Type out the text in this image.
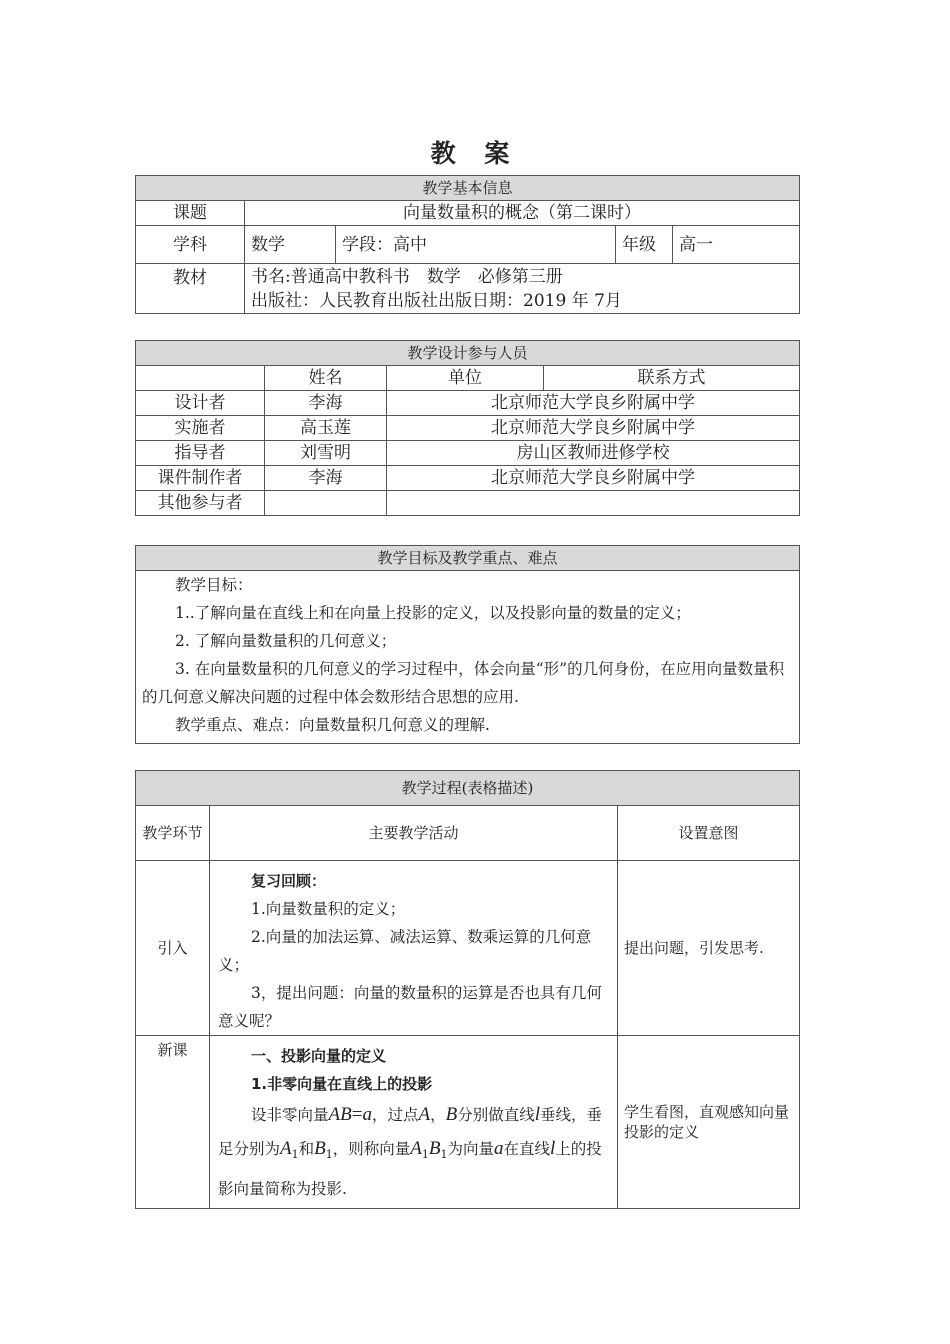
教 案
教学基本信息				
课题	向量数量积的概念（第二课时）			
学科	数学	学段：高中	年级	高一
教材	书名:普通高中教科书　数学　必修第三册
出版社：人民教育出版社出版日期：2019 年 7月			
教学设计参与人员			
	姓名	单位	联系方式
设计者	李海	北京师范大学良乡附属中学	
实施者	高玉莲	北京师范大学良乡附属中学	
指导者	刘雪明	房山区教师进修学校	
课件制作者	李海	北京师范大学良乡附属中学	
其他参与者			
教学目标及教学重点、难点

教学目标：

1..了解向量在直线上和在向量上投影的定义，以及投影向量的数量的定义；

2. 了解向量数量积的几何意义；

3. 在向量数量积的几何意义的学习过程中，体会向量“形”的几何身份，在应用向量数量积的几何意义解决问题的过程中体会数形结合思想的应用.

教学重点、难点：向量数量积几何意义的理解.

教学过程(表格描述)		
教学环节	主要教学活动	设置意图
引入	复习回顾：

1.向量数量积的定义；

2.向量的加法运算、减法运算、数乘运算的几何意义；

3，提出问题：向量的数量积的运算是否也具有几何意义呢？	提出问题，引发思考.
新课	一、投影向量的定义

1.非零向量在直线上的投影

设非零向量AB=a，过点A，B分别做直线l垂线，垂足分别为$A_1$和$B_1$，则称向量$A_1B_1$为向量a在直线l上的投影向量简称为投影.	学生看图，直观感知向量投影的定义
